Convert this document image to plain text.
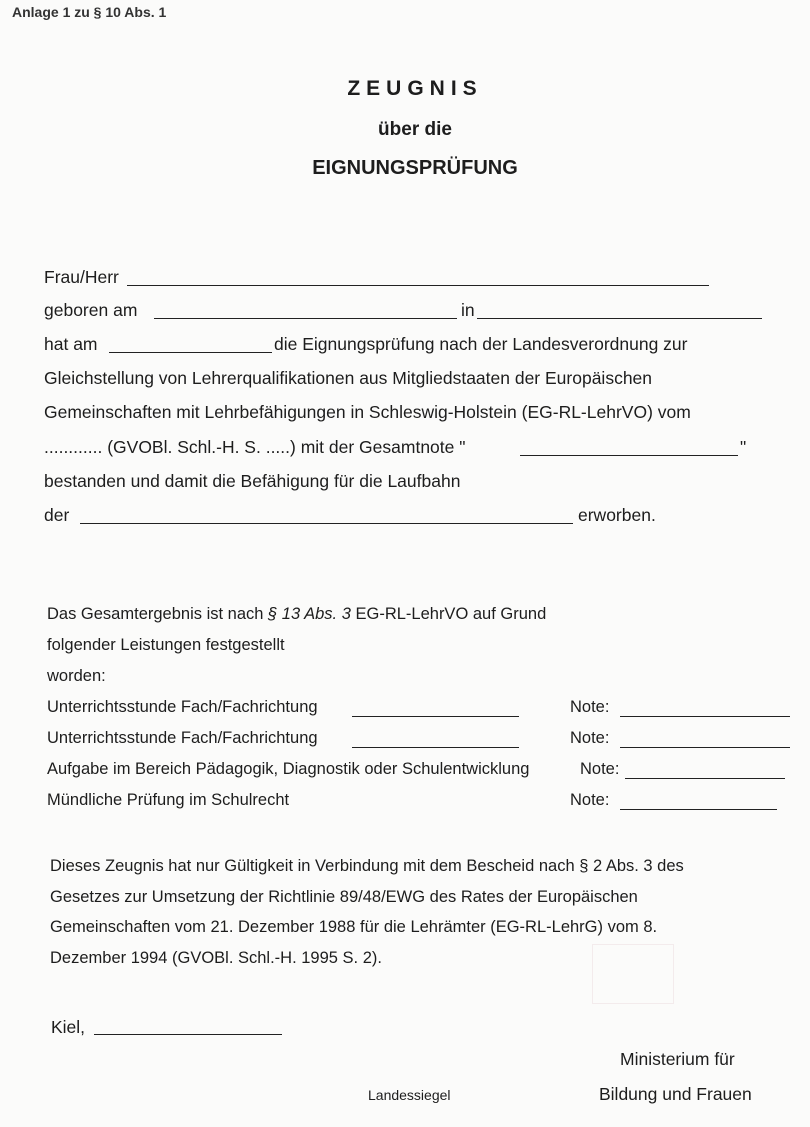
Anlage 1 zu § 10 Abs. 1
ZEUGNIS
über die
EIGNUNGSPRÜFUNG
Frau/Herr
geboren am	in
hat am	die Eignungsprüfung nach der Landesverordnung zur
Gleichstellung von Lehrerqualifikationen aus Mitgliedstaaten der Europäischen
Gemeinschaften mit Lehrbefähigungen in Schleswig-Holstein (EG-RL-LehrVO) vom
............ (GVOBl. Schl.-H. S. .....) mit der Gesamtnote "	"
bestanden und damit die Befähigung für die Laufbahn
der	erworben.
Das Gesamtergebnis ist nach § 13 Abs. 3 EG-RL-LehrVO auf Grund
folgender Leistungen festgestellt
worden:
Unterrichtsstunde Fach/Fachrichtung	Note:
Unterrichtsstunde Fach/Fachrichtung	Note:
Aufgabe im Bereich Pädagogik, Diagnostik oder Schulentwicklung	Note:
Mündliche Prüfung im Schulrecht	Note:
Dieses Zeugnis hat nur Gültigkeit in Verbindung mit dem Bescheid nach § 2 Abs. 3 des
Gesetzes zur Umsetzung der Richtlinie 89/48/EWG des Rates der Europäischen
Gemeinschaften vom 21. Dezember 1988 für die Lehrämter (EG-RL-LehrG) vom 8.
Dezember 1994 (GVOBl. Schl.-H. 1995 S. 2).
Kiel,
Ministerium für
Landessiegel	Bildung und Frauen
